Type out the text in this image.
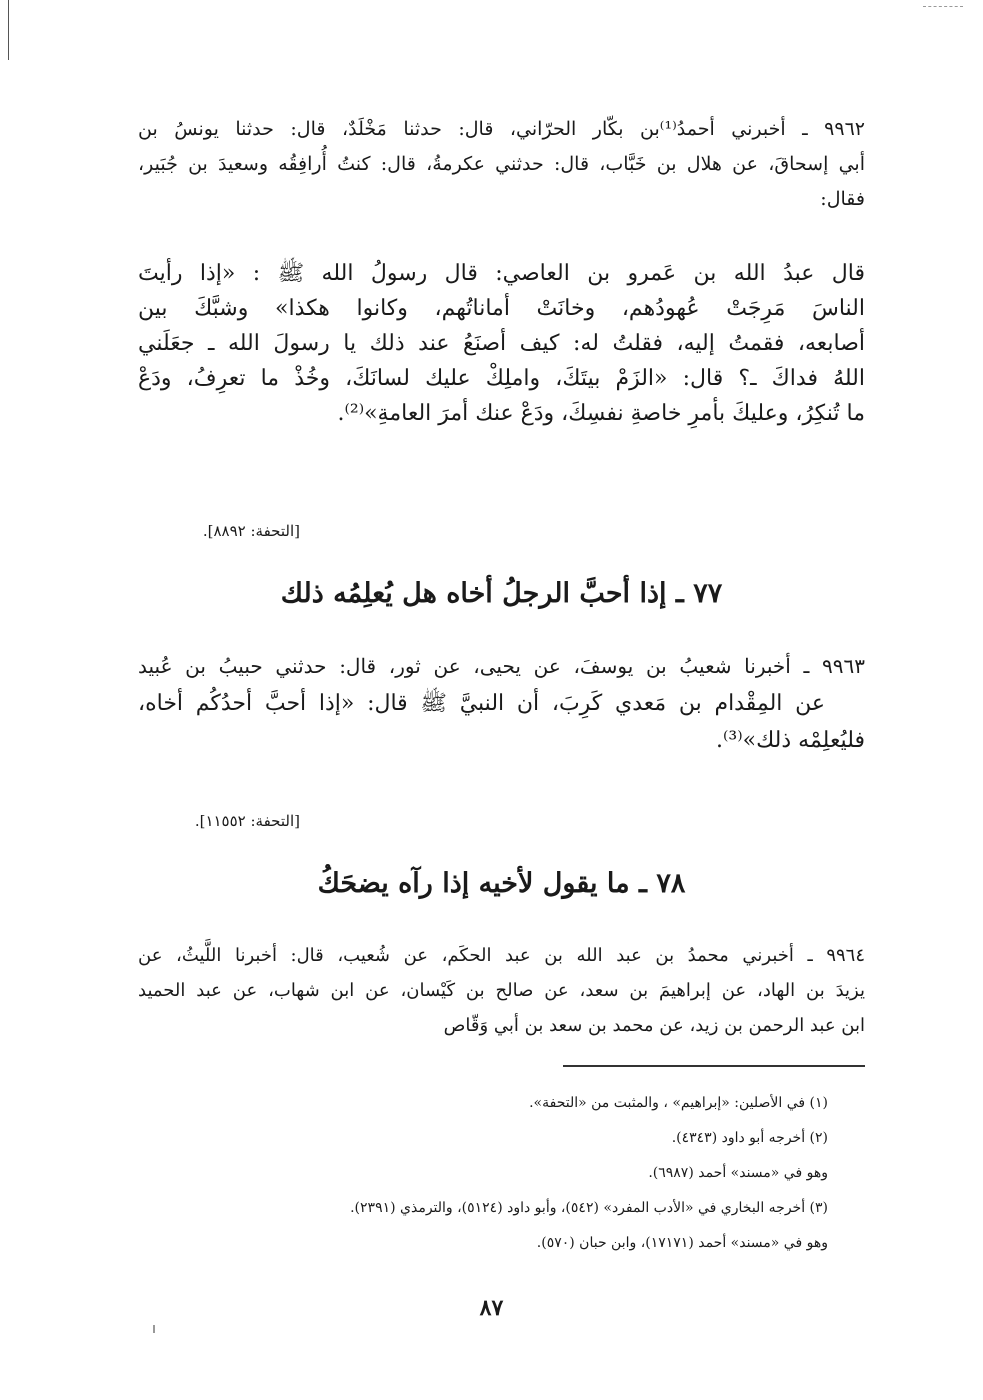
٩٩٦٢ ـ أخبرني أحمدُ⁽¹⁾بن بكّار الحرّاني، قال: حدثنا مَخْلَدٌ، قال: حدثنا يونسُ بن
أبي إسحاقَ، عن هلال بن خَبَّاب، قال: حدثني عكرمةُ، قال: كنتُ أُرافِقُه وسعيدَ بن جُبَير،
فقال:
قال عبدُ الله بن عَمرو بن العاصي: قال رسولُ الله ﷺ : «إذا رأيتَ
الناسَ مَرِجَتْ عُهودُهم، وخانَتْ أماناتُهم، وكانوا هكذا» وشبَّكَ بين
أصابعه، فقمتُ إليه، فقلتُ له: كيف أصنَعُ عند ذلك يا رسولَ الله ـ جعَلَني
اللهُ فداكَ ـ؟ قال: «الزَمْ بيتَكَ، واملِكْ عليك لسانَكَ، وخُذْ ما تعرِفُ، ودَعْ
ما تُنكِرُ، وعليكَ بأمرِ خاصةِ نفسِكَ، ودَعْ عنك أمرَ العامةِ»⁽²⁾.
[التحفة: ٨٨٩٢].
٧٧ ـ إذا أحبَّ الرجلُ أخاه هل يُعلِمُه ذلك
٩٩٦٣ ـ أخبرنا شعيبُ بن يوسفَ، عن يحيى، عن ثور، قال: حدثني حبيبُ بن عُبيد
عن المِقْدام بن مَعدي كَرِبَ، أن النبيَّ ﷺ قال: «إذا أحبَّ أحدُكُم أخاه،
فليُعلِمْه ذلك»⁽³⁾.
[التحفة: ١١٥٥٢].
٧٨ ـ ما يقول لأخيه إذا رآه يضحَكُ
٩٩٦٤ ـ أخبرني محمدُ بن عبد الله بن عبد الحكَم، عن شُعيب، قال: أخبرنا اللَّيثُ، عن
يزيدَ بن الهاد، عن إبراهيمَ بن سعد، عن صالح بن كَيْسان، عن ابن شهاب، عن عبد الحميد
ابن عبد الرحمن بن زيد، عن محمد بن سعد بن أبي وَقّاص
(١) في الأصلين: «إبراهيم» ، والمثبت من «التحفة».
(٢) أخرجه أبو داود (٤٣٤٣).
وهو في «مسند» أحمد (٦٩٨٧).
(٣) أخرجه البخاري في «الأدب المفرد» (٥٤٢)، وأبو داود (٥١٢٤)، والترمذي (٢٣٩١).
وهو في «مسند» أحمد (١٧١٧١)، وابن حبان (٥٧٠).
٨٧
